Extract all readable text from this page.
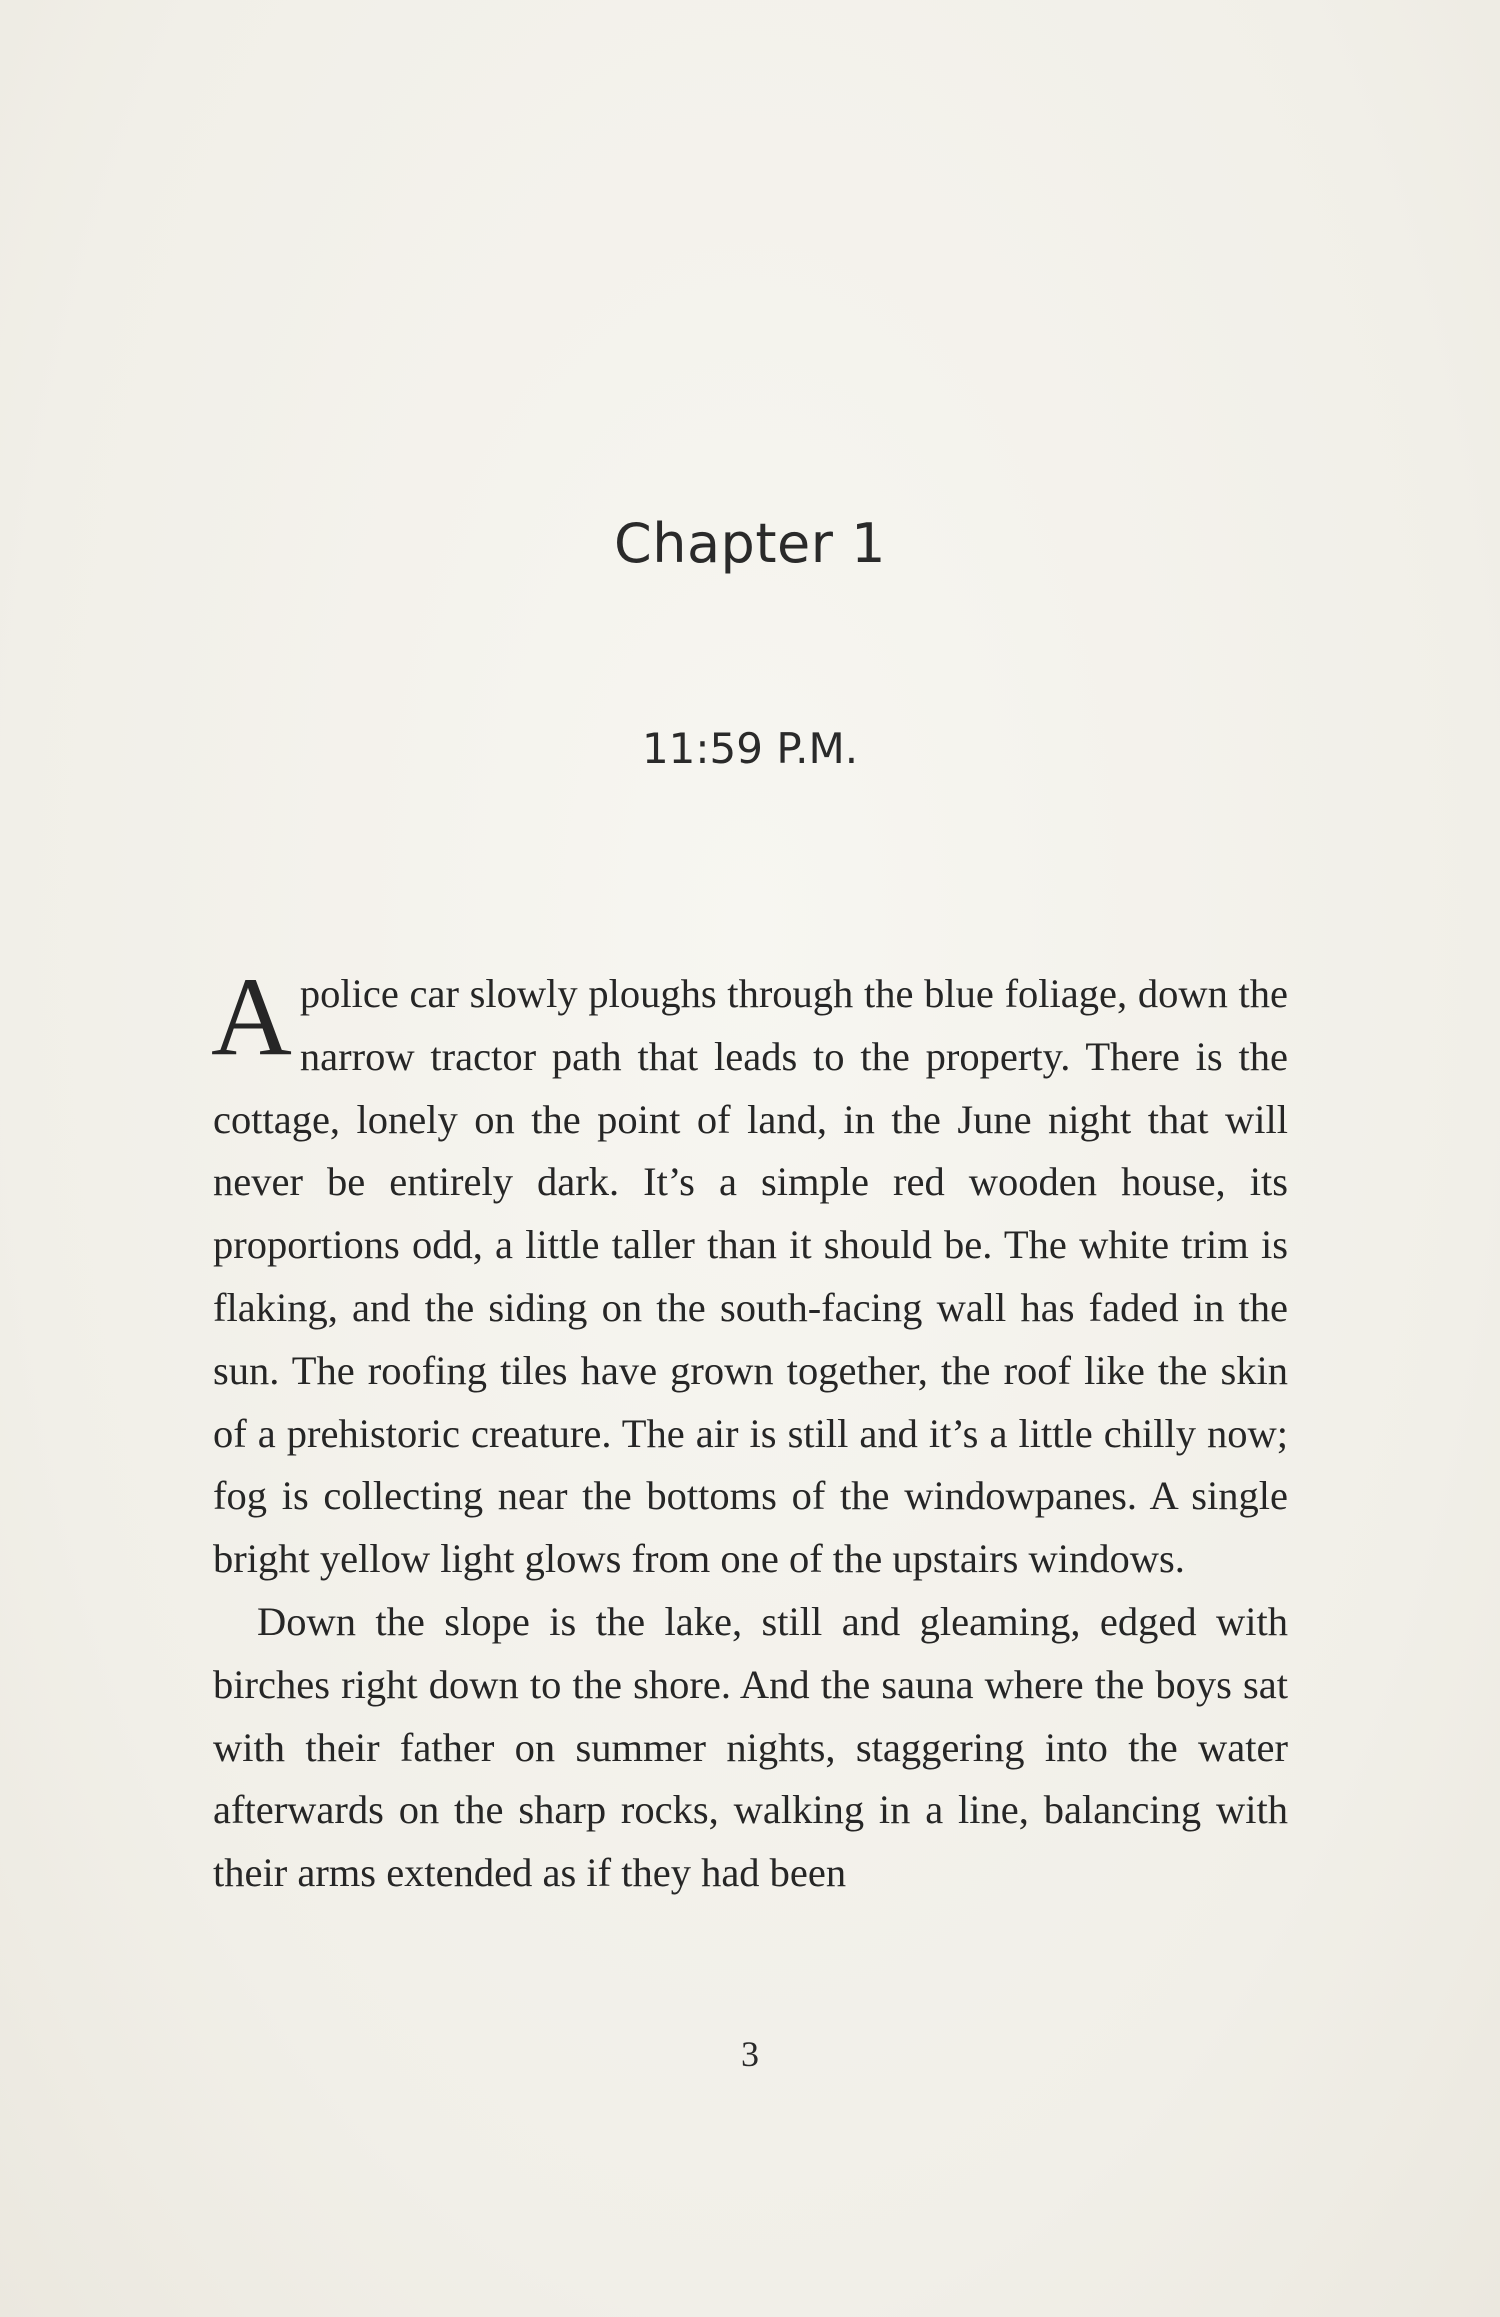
Chapter 1
11:59 P.M.

Apolice car slowly ploughs through the blue foliage, down the narrow tractor path that leads to the property. There is the cottage, lonely on the point of land, in the June night that will never be entirely dark. It’s a simple red wooden house, its proportions odd, a little taller than it should be. The white trim is flaking, and the siding on the south-facing wall has faded in the sun. The roofing tiles have grown together, the roof like the skin of a prehistoric creature. The air is still and it’s a little chilly now; fog is collecting near the bottoms of the windowpanes. A single bright yellow light glows from one of the upstairs windows.

Down the slope is the lake, still and gleaming, edged with birches right down to the shore. And the sauna where the boys sat with their father on summer nights, staggering into the water afterwards on the sharp rocks, walking in a line, balancing with their arms extended as if they had been

3
